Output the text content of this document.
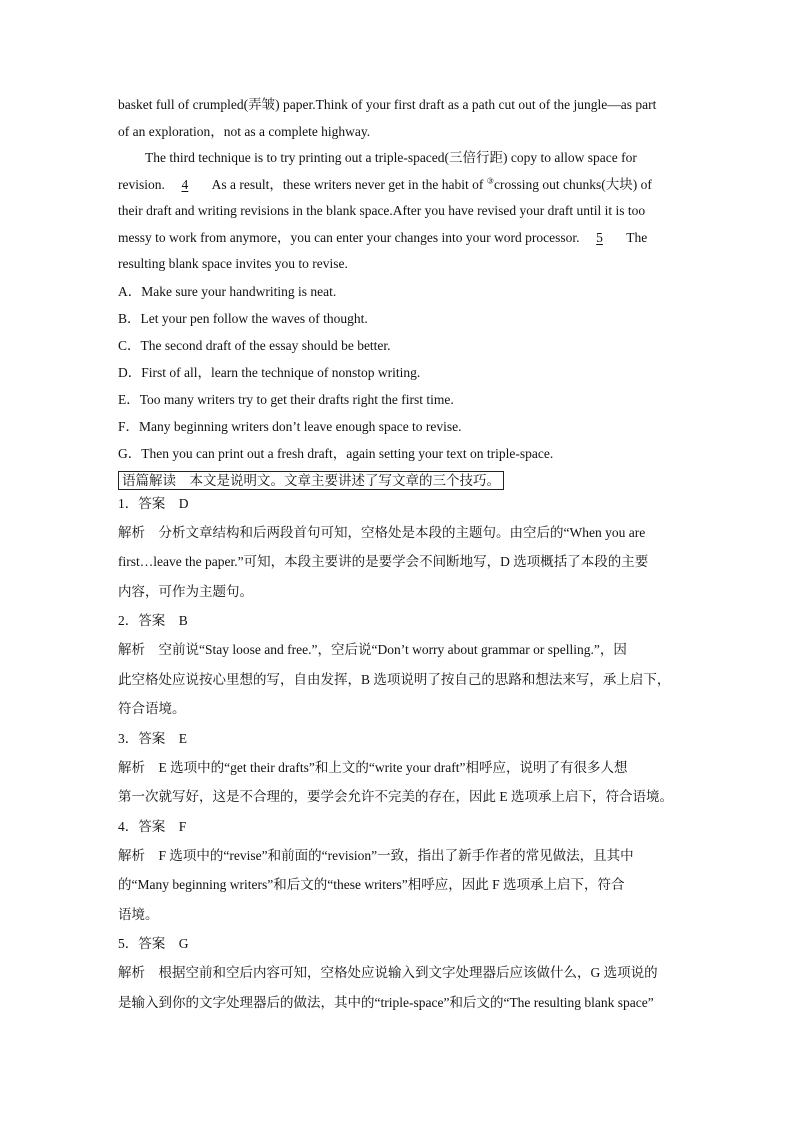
basket full of crumpled(弄皱) paper.Think of your first draft as a path cut out of the jungle—as part
of an exploration，not as a complete highway.
The third technique is to try printing out a triple-spaced(三倍行距) copy to allow space for
revision. 4 As a result，these writers never get in the habit of ③crossing out chunks(大块) of
their draft and writing revisions in the blank space.After you have revised your draft until it is too
messy to work from anymore，you can enter your changes into your word processor. 5 The
resulting blank space invites you to revise.
A．Make sure your handwriting is neat.
B．Let your pen follow the waves of thought.
C．The second draft of the essay should be better.
D．First of all，learn the technique of nonstop writing.
E．Too many writers try to get their drafts right the first time.
F．Many beginning writers don’t leave enough space to revise.
G．Then you can print out a fresh draft，again setting your text on triple-space.
语篇解读　本文是说明文。文章主要讲述了写文章的三个技巧。
1．答案　D
解析　分析文章结构和后两段首句可知，空格处是本段的主题句。由空后的“When you are
first…leave the paper.”可知，本段主要讲的是要学会不间断地写，D 选项概括了本段的主要
内容，可作为主题句。
2．答案　B
解析　空前说“Stay loose and free.”，空后说“Don’t worry about grammar or spelling.”，因
此空格处应说按心里想的写，自由发挥，B 选项说明了按自己的思路和想法来写，承上启下，
符合语境。
3．答案　E
解析　E 选项中的“get their drafts”和上文的“write your draft”相呼应，说明了有很多人想
第一次就写好，这是不合理的，要学会允许不完美的存在，因此 E 选项承上启下，符合语境。
4．答案　F
解析　F 选项中的“revise”和前面的“revision”一致，指出了新手作者的常见做法，且其中
的“Many beginning writers”和后文的“these writers”相呼应，因此 F 选项承上启下，符合
语境。
5．答案　G
解析　根据空前和空后内容可知，空格处应说输入到文字处理器后应该做什么，G 选项说的
是输入到你的文字处理器后的做法，其中的“triple-space”和后文的“The resulting blank space”
